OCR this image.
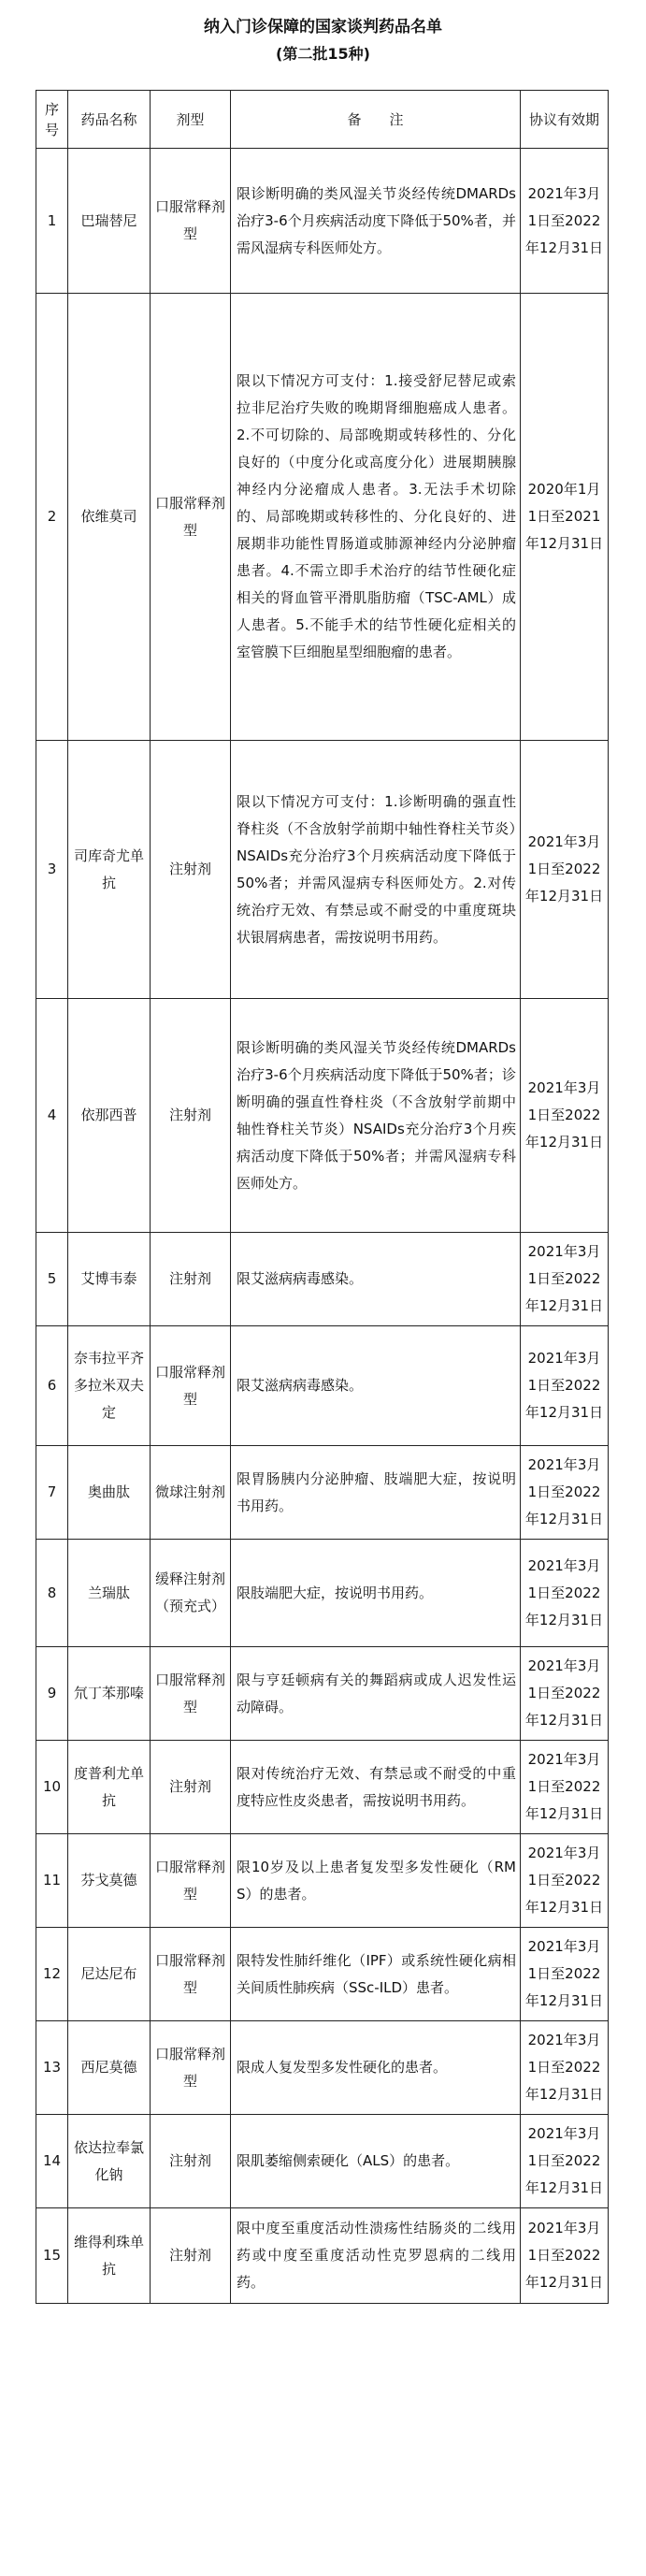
纳入门诊保障的国家谈判药品名单
(第二批15种)
序号	药品名称	剂型	备　　注	协议有效期
1	巴瑞替尼	口服常释剂型	限诊断明确的类风湿关节炎经传统DMARDs治疗3-6个月疾病活动度下降低于50%者，并需风湿病专科医师处方。	2021年3月1日至2022年12月31日
2	依维莫司	口服常释剂型	限以下情况方可支付：1.接受舒尼替尼或索拉非尼治疗失败的晚期肾细胞癌成人患者。2.不可切除的、局部晚期或转移性的、分化良好的（中度分化或高度分化）进展期胰腺神经内分泌瘤成人患者。3.无法手术切除的、局部晚期或转移性的、分化良好的、进展期非功能性胃肠道或肺源神经内分泌肿瘤患者。4.不需立即手术治疗的结节性硬化症相关的肾血管平滑肌脂肪瘤（TSC-AML）成人患者。5.不能手术的结节性硬化症相关的室管膜下巨细胞星型细胞瘤的患者。	2020年1月1日至2021年12月31日
3	司库奇尤单抗	注射剂	限以下情况方可支付：1.诊断明确的强直性脊柱炎（不含放射学前期中轴性脊柱关节炎）NSAIDs充分治疗3个月疾病活动度下降低于50%者；并需风湿病专科医师处方。2.对传统治疗无效、有禁忌或不耐受的中重度斑块状银屑病患者，需按说明书用药。	2021年3月1日至2022年12月31日
4	依那西普	注射剂	限诊断明确的类风湿关节炎经传统DMARDs治疗3-6个月疾病活动度下降低于50%者；诊断明确的强直性脊柱炎（不含放射学前期中轴性脊柱关节炎）NSAIDs充分治疗3个月疾病活动度下降低于50%者；并需风湿病专科医师处方。	2021年3月1日至2022年12月31日
5	艾博韦泰	注射剂	限艾滋病病毒感染。	2021年3月1日至2022年12月31日
6	奈韦拉平齐多拉米双夫定	口服常释剂型	限艾滋病病毒感染。	2021年3月1日至2022年12月31日
7	奥曲肽	微球注射剂	限胃肠胰内分泌肿瘤、肢端肥大症，按说明书用药。	2021年3月1日至2022年12月31日
8	兰瑞肽	缓释注射剂（预充式）	限肢端肥大症，按说明书用药。	2021年3月1日至2022年12月31日
9	氘丁苯那嗪	口服常释剂型	限与亨廷顿病有关的舞蹈病或成人迟发性运动障碍。	2021年3月1日至2022年12月31日
10	度普利尤单抗	注射剂	限对传统治疗无效、有禁忌或不耐受的中重度特应性皮炎患者，需按说明书用药。	2021年3月1日至2022年12月31日
11	芬戈莫德	口服常释剂型	限10岁及以上患者复发型多发性硬化（RMS）的患者。	2021年3月1日至2022年12月31日
12	尼达尼布	口服常释剂型	限特发性肺纤维化（IPF）或系统性硬化病相关间质性肺疾病（SSc-ILD）患者。	2021年3月1日至2022年12月31日
13	西尼莫德	口服常释剂型	限成人复发型多发性硬化的患者。	2021年3月1日至2022年12月31日
14	依达拉奉氯化钠	注射剂	限肌萎缩侧索硬化（ALS）的患者。	2021年3月1日至2022年12月31日
15	维得利珠单抗	注射剂	限中度至重度活动性溃疡性结肠炎的二线用药或中度至重度活动性克罗恩病的二线用药。	2021年3月1日至2022年12月31日
